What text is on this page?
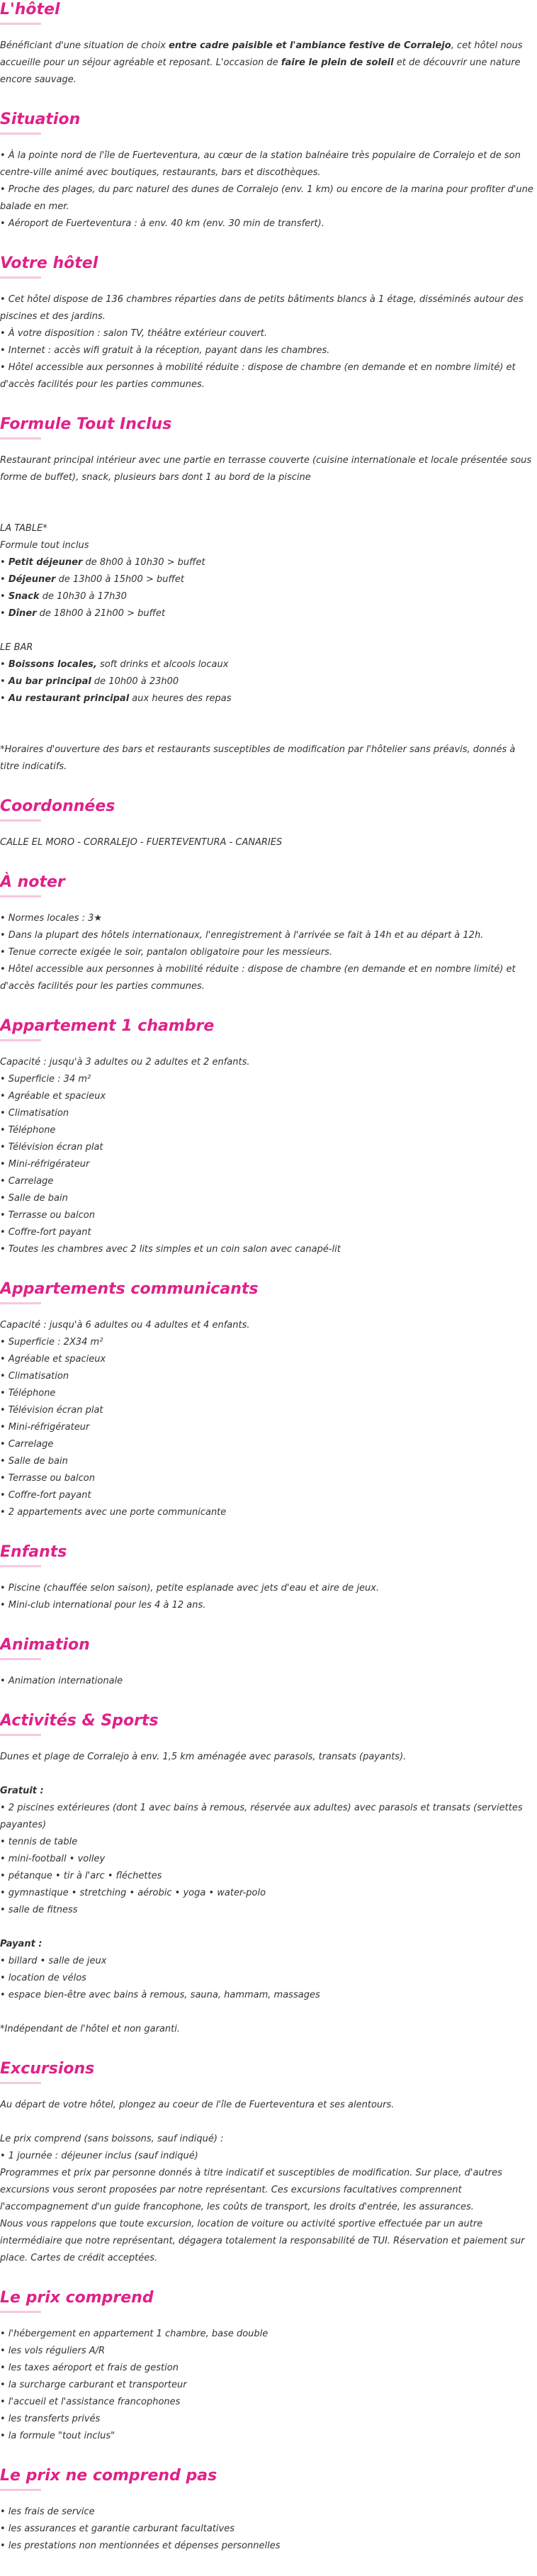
L'hôtel

Bénéficiant d'une situation de choix entre cadre paisible et l'ambiance festive de Corralejo, cet hôtel nous accueille pour un séjour agréable et reposant. L'occasion de faire le plein de soleil et de découvrir une nature encore sauvage.

Situation

• À la pointe nord de l'île de Fuerteventura, au cœur de la station balnéaire très populaire de Corralejo et de son centre-ville animé avec boutiques, restaurants, bars et discothèques.

• Proche des plages, du parc naturel des dunes de Corralejo (env. 1 km) ou encore de la marina pour profiter d'une balade en mer.

• Aéroport de Fuerteventura : à env. 40 km (env. 30 min de transfert).

Votre hôtel

• Cet hôtel dispose de 136 chambres réparties dans de petits bâtiments blancs à 1 étage, disséminés autour des piscines et des jardins.

• À votre disposition : salon TV, théâtre extérieur couvert.

• Internet : accès wifi gratuit à la réception, payant dans les chambres.

• Hôtel accessible aux personnes à mobilité réduite : dispose de chambre (en demande et en nombre limité) et d'accès facilités pour les parties communes.

Formule Tout Inclus

Restaurant principal intérieur avec une partie en terrasse couverte (cuisine internationale et locale présentée sous forme de buffet), snack, plusieurs bars dont 1 au bord de la piscine

LA TABLE*

Formule tout inclus

• Petit déjeuner de 8h00 à 10h30 > buffet

• Déjeuner de 13h00 à 15h00 > buffet

• Snack de 10h30 à 17h30

• Dîner de 18h00 à 21h00 > buffet

LE BAR

• Boissons locales, soft drinks et alcools locaux

• Au bar principal de 10h00 à 23h00

• Au restaurant principal aux heures des repas

*Horaires d'ouverture des bars et restaurants susceptibles de modification par l'hôtelier sans préavis, donnés à titre indicatifs.

Coordonnées

CALLE EL MORO - CORRALEJO - FUERTEVENTURA - CANARIES

À noter

• Normes locales : 3★

• Dans la plupart des hôtels internationaux, l'enregistrement à l'arrivée se fait à 14h et au départ à 12h.

• Tenue correcte exigée le soir, pantalon obligatoire pour les messieurs.

• Hôtel accessible aux personnes à mobilité réduite : dispose de chambre (en demande et en nombre limité) et d'accès facilités pour les parties communes.

Appartement 1 chambre

Capacité : jusqu'à 3 adultes ou 2 adultes et 2 enfants.

• Superficie : 34 m²

• Agréable et spacieux

• Climatisation

• Téléphone

• Télévision écran plat

• Mini-réfrigérateur

• Carrelage

• Salle de bain

• Terrasse ou balcon

• Coffre-fort payant

• Toutes les chambres avec 2 lits simples et un coin salon avec canapé-lit

Appartements communicants

Capacité : jusqu'à 6 adultes ou 4 adultes et 4 enfants.

• Superficie : 2X34 m²

• Agréable et spacieux

• Climatisation

• Téléphone

• Télévision écran plat

• Mini-réfrigérateur

• Carrelage

• Salle de bain

• Terrasse ou balcon

• Coffre-fort payant

• 2 appartements avec une porte communicante

Enfants

• Piscine (chauffée selon saison), petite esplanade avec jets d'eau et aire de jeux.

• Mini-club international pour les 4 à 12 ans.

Animation

• Animation internationale

Activités & Sports

Dunes et plage de Corralejo à env. 1,5 km aménagée avec parasols, transats (payants).

Gratuit :

• 2 piscines extérieures (dont 1 avec bains à remous, réservée aux adultes) avec parasols et transats (serviettes payantes)

• tennis de table

• mini-football • volley

• pétanque • tir à l'arc • fléchettes

• gymnastique • stretching • aérobic • yoga • water-polo

• salle de fitness

Payant :

• billard • salle de jeux

• location de vélos

• espace bien-être avec bains à remous, sauna, hammam, massages

*Indépendant de l'hôtel et non garanti.

Excursions

Au départ de votre hôtel, plongez au coeur de l'île de Fuerteventura et ses alentours.

Le prix comprend (sans boissons, sauf indiqué) :

• 1 journée : déjeuner inclus (sauf indiqué)

Programmes et prix par personne donnés à titre indicatif et susceptibles de modification. Sur place, d'autres excursions vous seront proposées par notre représentant. Ces excursions facultatives comprennent l'accompagnement d'un guide francophone, les coûts de transport, les droits d'entrée, les assurances.

Nous vous rappelons que toute excursion, location de voiture ou activité sportive effectuée par un autre intermédiaire que notre représentant, dégagera totalement la responsabilité de TUI. Réservation et paiement sur place. Cartes de crédit acceptées.

Le prix comprend

• l'hébergement en appartement 1 chambre, base double

• les vols réguliers A/R

• les taxes aéroport et frais de gestion

• la surcharge carburant et transporteur

• l'accueil et l'assistance francophones

• les transferts privés

• la formule "tout inclus"

Le prix ne comprend pas

• les frais de service

• les assurances et garantie carburant facultatives

• les prestations non mentionnées et dépenses personnelles
